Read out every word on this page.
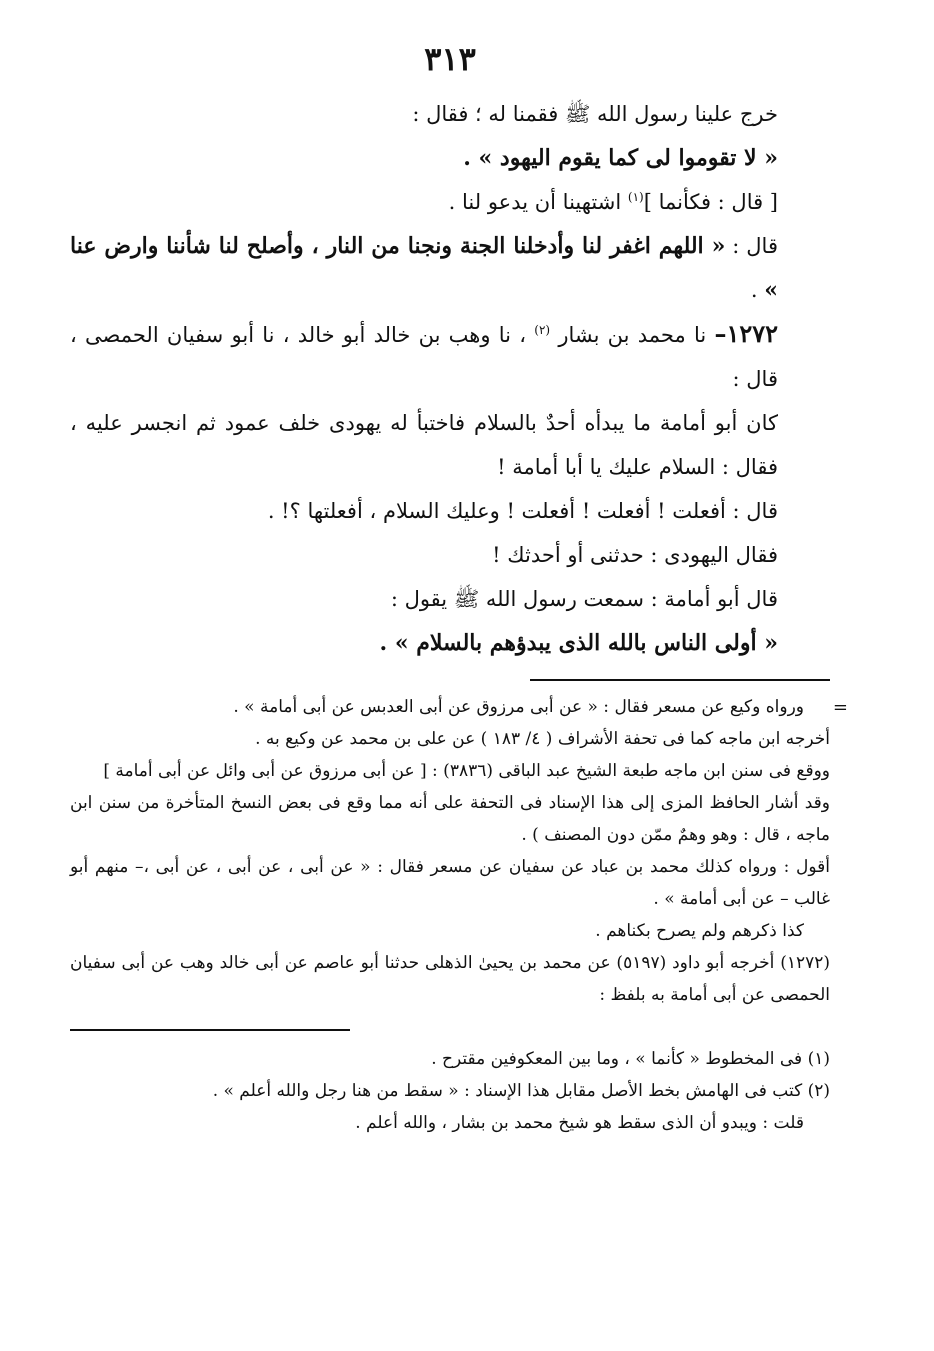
٣١٣

خرج علينا رسول الله ﷺ فقمنا له ؛ فقال :

« لا تقوموا لى كما يقوم اليهود » .

[ قال : فكأنما ]$^{(١)}$ اشتهينا أن يدعو لنا .

قال : « اللهم اغفر لنا وأدخلنا الجنة ونجنا من النار ، وأصلح لنا شأننا وارض عنا » .

١٢٧٢– نا محمد بن بشار $^{(٢)}$ ، نا وهب بن خالد أبو خالد ، نا أبو سفيان الحمصى ، قال :

كان أبو أمامة ما يبدأه أحدٌ بالسلام فاختبأ له يهودى خلف عمود ثم انجسر عليه ، فقال : السلام عليك يا أبا أمامة !

قال : أفعلت ! أفعلت ! أفعلت ! وعليك السلام ، أفعلتها ؟! .

فقال اليهودى : حدثنى أو أحدثك !

قال أبو أمامة : سمعت رسول الله ﷺ يقول :

« أولى الناس بالله الذى يبدؤهم بالسلام » .

=

ورواه وكيع عن مسعر فقال : « عن أبى مرزوق عن أبى العدبس عن أبى أمامة » .

أخرجه ابن ماجه كما فى تحفة الأشراف ( ٤/ ١٨٣ ) عن على بن محمد عن وكيع به .

ووقع فى سنن ابن ماجه طبعة الشيخ عبد الباقى (٣٨٣٦) : [ عن أبى مرزوق عن أبى وائل عن أبى أمامة ]

وقد أشار الحافظ المزى إلى هذا الإسناد فى التحفة على أنه مما وقع فى بعض النسخ المتأخرة من سنن ابن ماجه ، قال : وهو وهمٌ ممّن دون المصنف ) .

أقول : ورواه كذلك محمد بن عباد عن سفيان عن مسعر فقال : « عن أبى ، عن أبى ، عن أبى ،– منهم أبو غالب – عن أبى أمامة » .

كذا ذكرهم ولم يصرح بكناهم .

(١٢٧٢) أخرجه أبو داود (٥١٩٧) عن محمد بن يحيىٰ الذهلى حدثنا أبو عاصم عن أبى خالد وهب عن أبى سفيان الحمصى عن أبى أمامة به بلفظ :

(١) فى المخطوط « كأنما » ، وما بين المعكوفين مقترح .

(٢) كتب فى الهامش بخط الأصل مقابل هذا الإسناد : « سقط من هنا رجل والله أعلم » .

قلت : ويبدو أن الذى سقط هو شيخ محمد بن بشار ، والله أعلم .
